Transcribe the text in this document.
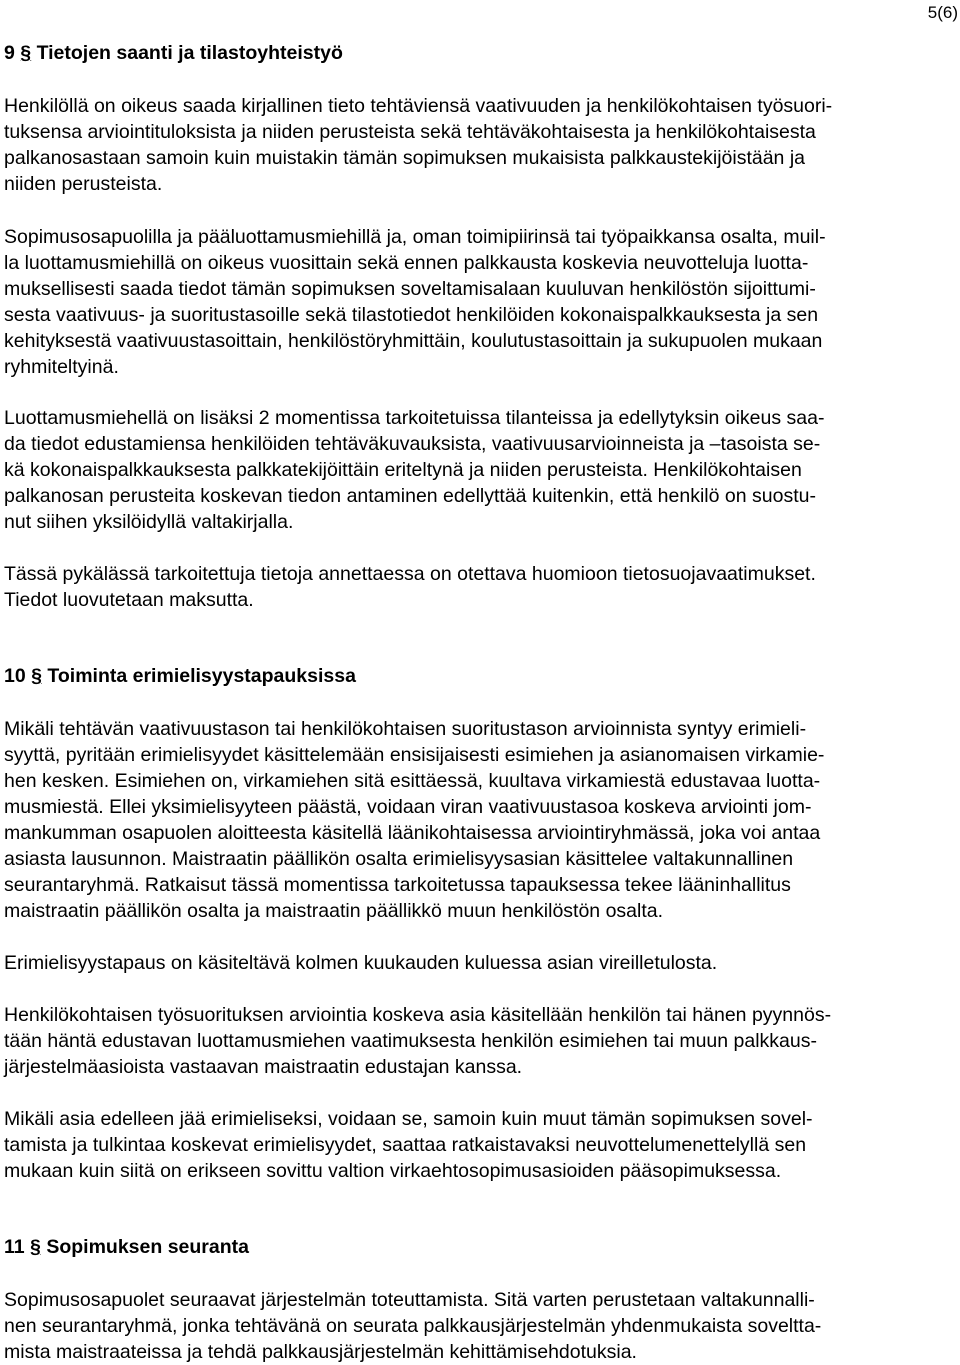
5(6)
9 § Tietojen saanti ja tilastoyhteistyö

Henkilöllä on oikeus saada kirjallinen tieto tehtäviensä vaativuuden ja henkilökohtaisen työsuori-
tuksensa arviointituloksista ja niiden perusteista sekä tehtäväkohtaisesta ja henkilökohtaisesta
palkanosastaan samoin kuin muistakin tämän sopimuksen mukaisista palkkaustekijöistään ja
niiden perusteista.

Sopimusosapuolilla ja pääluottamusmiehillä ja, oman toimipiirinsä tai työpaikkansa osalta, muil-
la luottamusmiehillä on oikeus vuosittain sekä ennen palkkausta koskevia neuvotteluja luotta-
muksellisesti saada tiedot tämän sopimuksen soveltamisalaan kuuluvan henkilöstön sijoittumi-
sesta vaativuus- ja suoritustasoille sekä tilastotiedot henkilöiden kokonaispalkkauksesta ja sen
kehityksestä vaativuustasoittain, henkilöstöryhmittäin, koulutustasoittain ja sukupuolen mukaan
ryhmiteltyinä.

Luottamusmiehellä on lisäksi 2 momentissa tarkoitetuissa tilanteissa ja edellytyksin oikeus saa-
da tiedot edustamiensa henkilöiden tehtäväkuvauksista, vaativuusarvioinneista ja –tasoista se-
kä kokonaispalkkauksesta palkkatekijöittäin eriteltynä ja niiden perusteista. Henkilökohtaisen
palkanosan perusteita koskevan tiedon antaminen edellyttää kuitenkin, että henkilö on suostu-
nut siihen yksilöidyllä valtakirjalla.

Tässä pykälässä tarkoitettuja tietoja annettaessa on otettava huomioon tietosuojavaatimukset.
Tiedot luovutetaan maksutta.

10 § Toiminta erimielisyystapauksissa

Mikäli tehtävän vaativuustason tai henkilökohtaisen suoritustason arvioinnista syntyy erimieli-
syyttä, pyritään erimielisyydet käsittelemään ensisijaisesti esimiehen ja asianomaisen virkamie-
hen kesken. Esimiehen on, virkamiehen sitä esittäessä, kuultava virkamiestä edustavaa luotta-
musmiestä. Ellei yksimielisyyteen päästä, voidaan viran vaativuustasoa koskeva arviointi jom-
mankumman osapuolen aloitteesta käsitellä läänikohtaisessa arviointiryhmässä, joka voi antaa
asiasta lausunnon. Maistraatin päällikön osalta erimielisyysasian käsittelee valtakunnallinen
seurantaryhmä. Ratkaisut tässä momentissa tarkoitetussa tapauksessa tekee lääninhallitus
maistraatin päällikön osalta ja maistraatin päällikkö muun henkilöstön osalta.

Erimielisyystapaus on käsiteltävä kolmen kuukauden kuluessa asian vireilletulosta.

Henkilökohtaisen työsuorituksen arviointia koskeva asia käsitellään henkilön tai hänen pyynnös-
tään häntä edustavan luottamusmiehen vaatimuksesta henkilön esimiehen tai muun palkkaus-
järjestelmäasioista vastaavan maistraatin edustajan kanssa.

Mikäli asia edelleen jää erimieliseksi, voidaan se, samoin kuin muut tämän sopimuksen sovel-
tamista ja tulkintaa koskevat erimielisyydet, saattaa ratkaistavaksi neuvottelumenettelyllä sen
mukaan kuin siitä on erikseen sovittu valtion virkaehtosopimusasioiden pääsopimuksessa.

11 § Sopimuksen seuranta

Sopimusosapuolet seuraavat järjestelmän toteuttamista. Sitä varten perustetaan valtakunnalli-
nen seurantaryhmä, jonka tehtävänä on seurata palkkausjärjestelmän yhdenmukaista soveltta-
mista maistraateissa ja tehdä palkkausjärjestelmän kehittämisehdotuksia.
